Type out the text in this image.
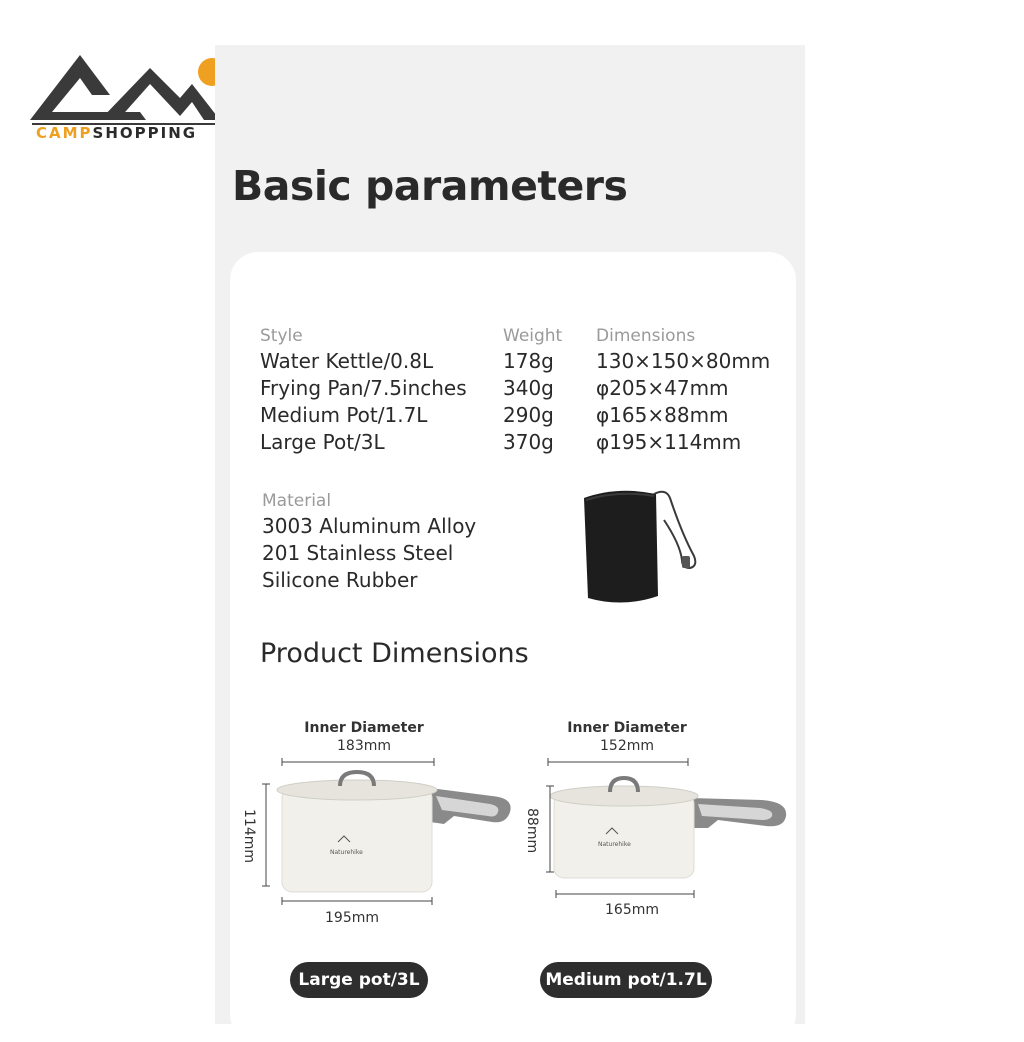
CAMPSHOPPING
Basic parameters
Style	Weight Dimensions
Water Kettle/0.8L	178g 130×150×80mm
Frying Pan/7.5inches 340g φ205×47mm
Medium Pot/1.7L	290g φ165×88mm
Large Pot/3L	370g φ195×114mm
Material
3003 Aluminum Alloy
201 Stainless Steel
Silicone Rubber
Product Dimensions
Inner Diameter
183mm
Naturehike
114mm
195mm
Large pot/3L
Inner Diameter
152mm
Naturehike
88mm
165mm
Medium pot/1.7L
